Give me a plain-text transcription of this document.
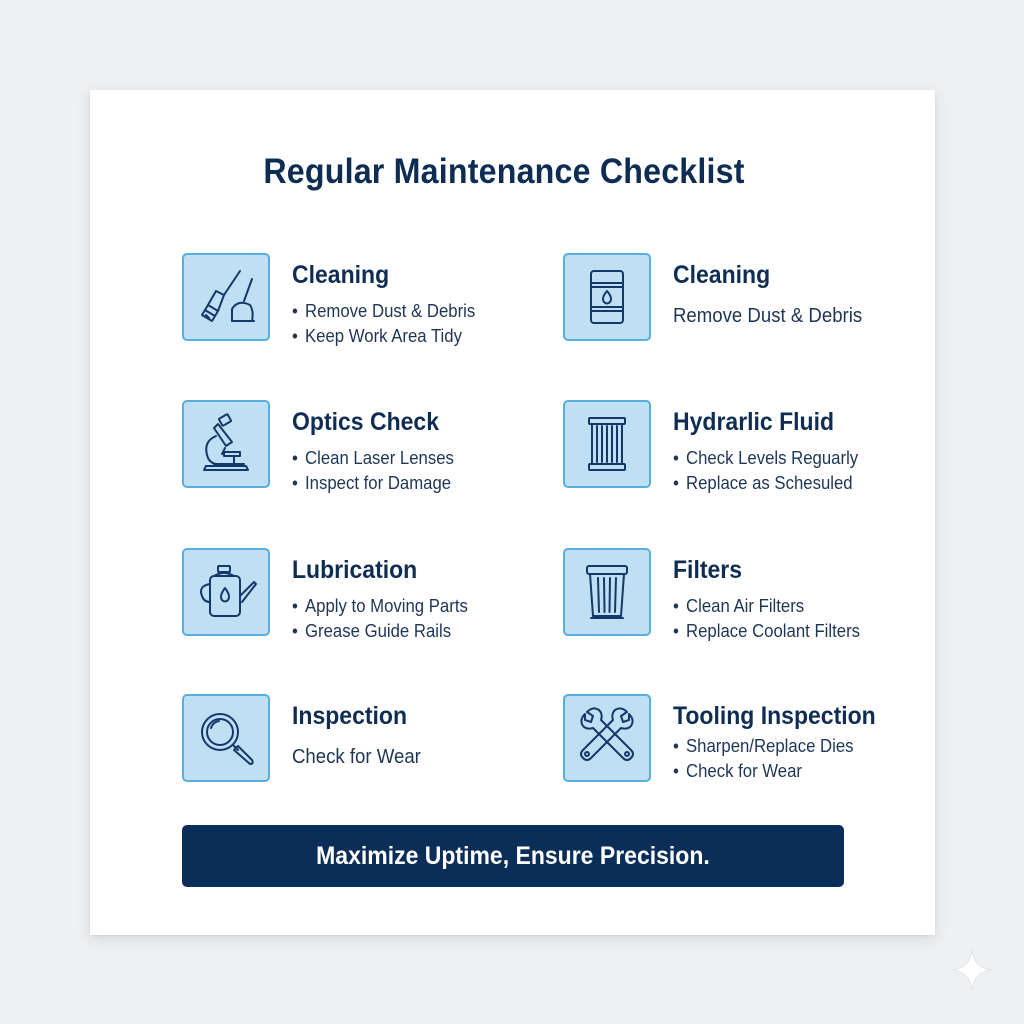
Regular Maintenance Checklist
Cleaning
• Remove Dust & Debris
• Keep Work Area Tidy
Cleaning
Remove Dust & Debris
Optics Check
• Clean Laser Lenses
• Inspect for Damage
Hydrarlic Fluid
• Check Levels Reguarly
• Replace as Schesuled
Lubrication
• Apply to Moving Parts
• Grease Guide Rails
Filters
• Clean Air Filters
• Replace Coolant Filters
Inspection
Check for Wear
Tooling Inspection
• Sharpen/Replace Dies
• Check for Wear
Maximize Uptime, Ensure Precision.
